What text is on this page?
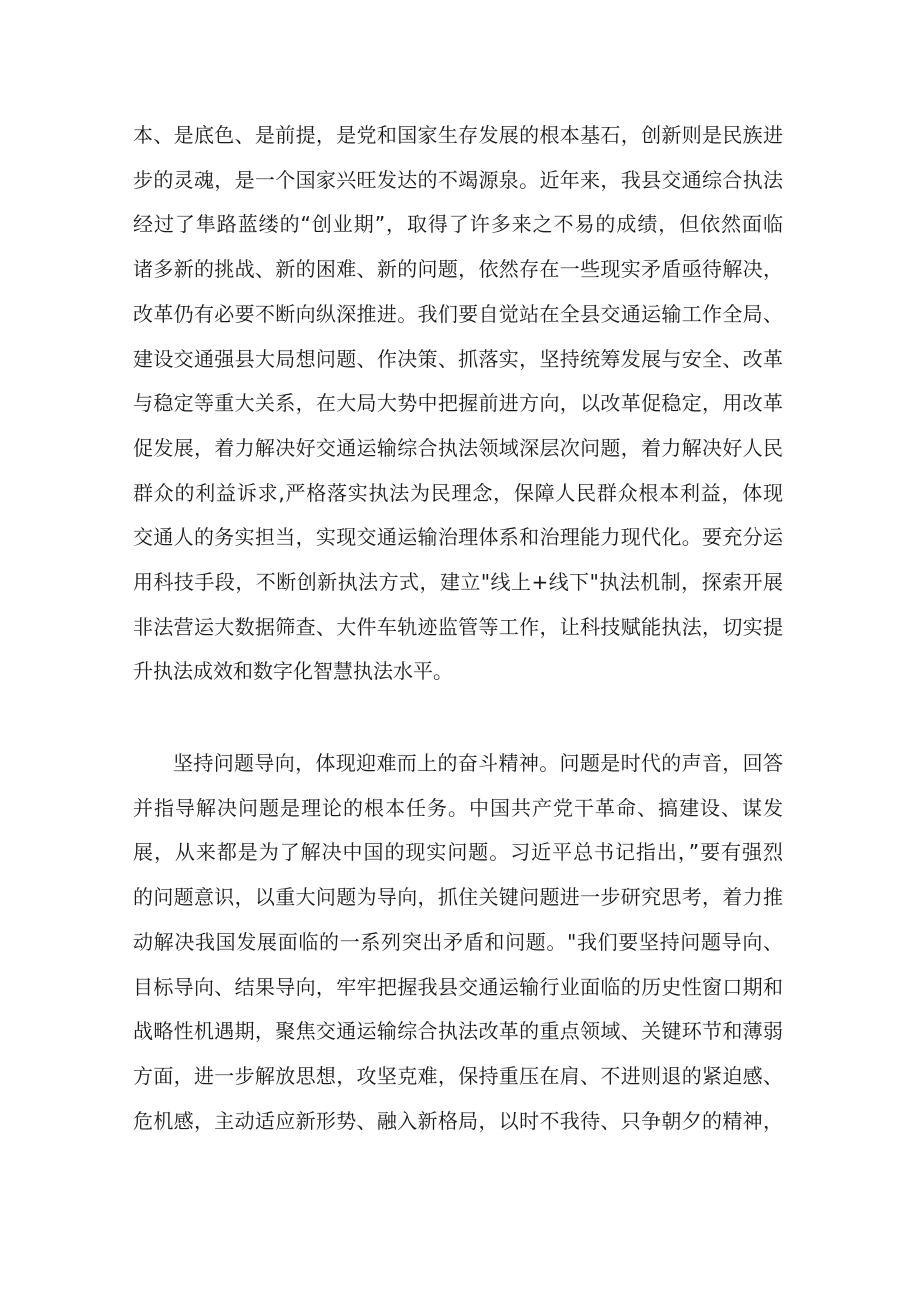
本、是底色、是前提，是党和国家生存发展的根本基石，创新则是民族进
步的灵魂，是一个国家兴旺发达的不竭源泉。近年来，我县交通综合执法
经过了隼路蓝缕的“创业期”，取得了许多来之不易的成绩，但依然面临
诸多新的挑战、新的困难、新的问题，依然存在一些现实矛盾亟待解决，
改革仍有必要不断向纵深推进。我们要自觉站在全县交通运输工作全局、
建设交通强县大局想问题、作决策、抓落实，坚持统筹发展与安全、改革
与稳定等重大关系，在大局大势中把握前进方向，以改革促稳定，用改革
促发展，着力解决好交通运输综合执法领域深层次问题，着力解决好人民
群众的利益诉求,严格落实执法为民理念，保障人民群众根本利益，体现
交通人的务实担当，实现交通运输治理体系和治理能力现代化。要充分运
用科技手段，不断创新执法方式，建立"线上+线下"执法机制，探索开展
非法营运大数据筛查、大件车轨迹监管等工作，让科技赋能执法，切实提
升执法成效和数字化智慧执法水平。

坚持问题导向，体现迎难而上的奋斗精神。问题是时代的声音，回答
并指导解决问题是理论的根本任务。中国共产党干革命、搞建设、谋发
展，从来都是为了解决中国的现实问题。习近平总书记指出，”要有强烈
的问题意识，以重大问题为导向，抓住关键问题进一步研究思考，着力推
动解决我国发展面临的一系列突出矛盾和问题。"我们要坚持问题导向、
目标导向、结果导向，牢牢把握我县交通运输行业面临的历史性窗口期和
战略性机遇期，聚焦交通运输综合执法改革的重点领域、关键环节和薄弱
方面，进一步解放思想，攻坚克难，保持重压在肩、不进则退的紧迫感、
危机感，主动适应新形势、融入新格局，以时不我待、只争朝夕的精神，
